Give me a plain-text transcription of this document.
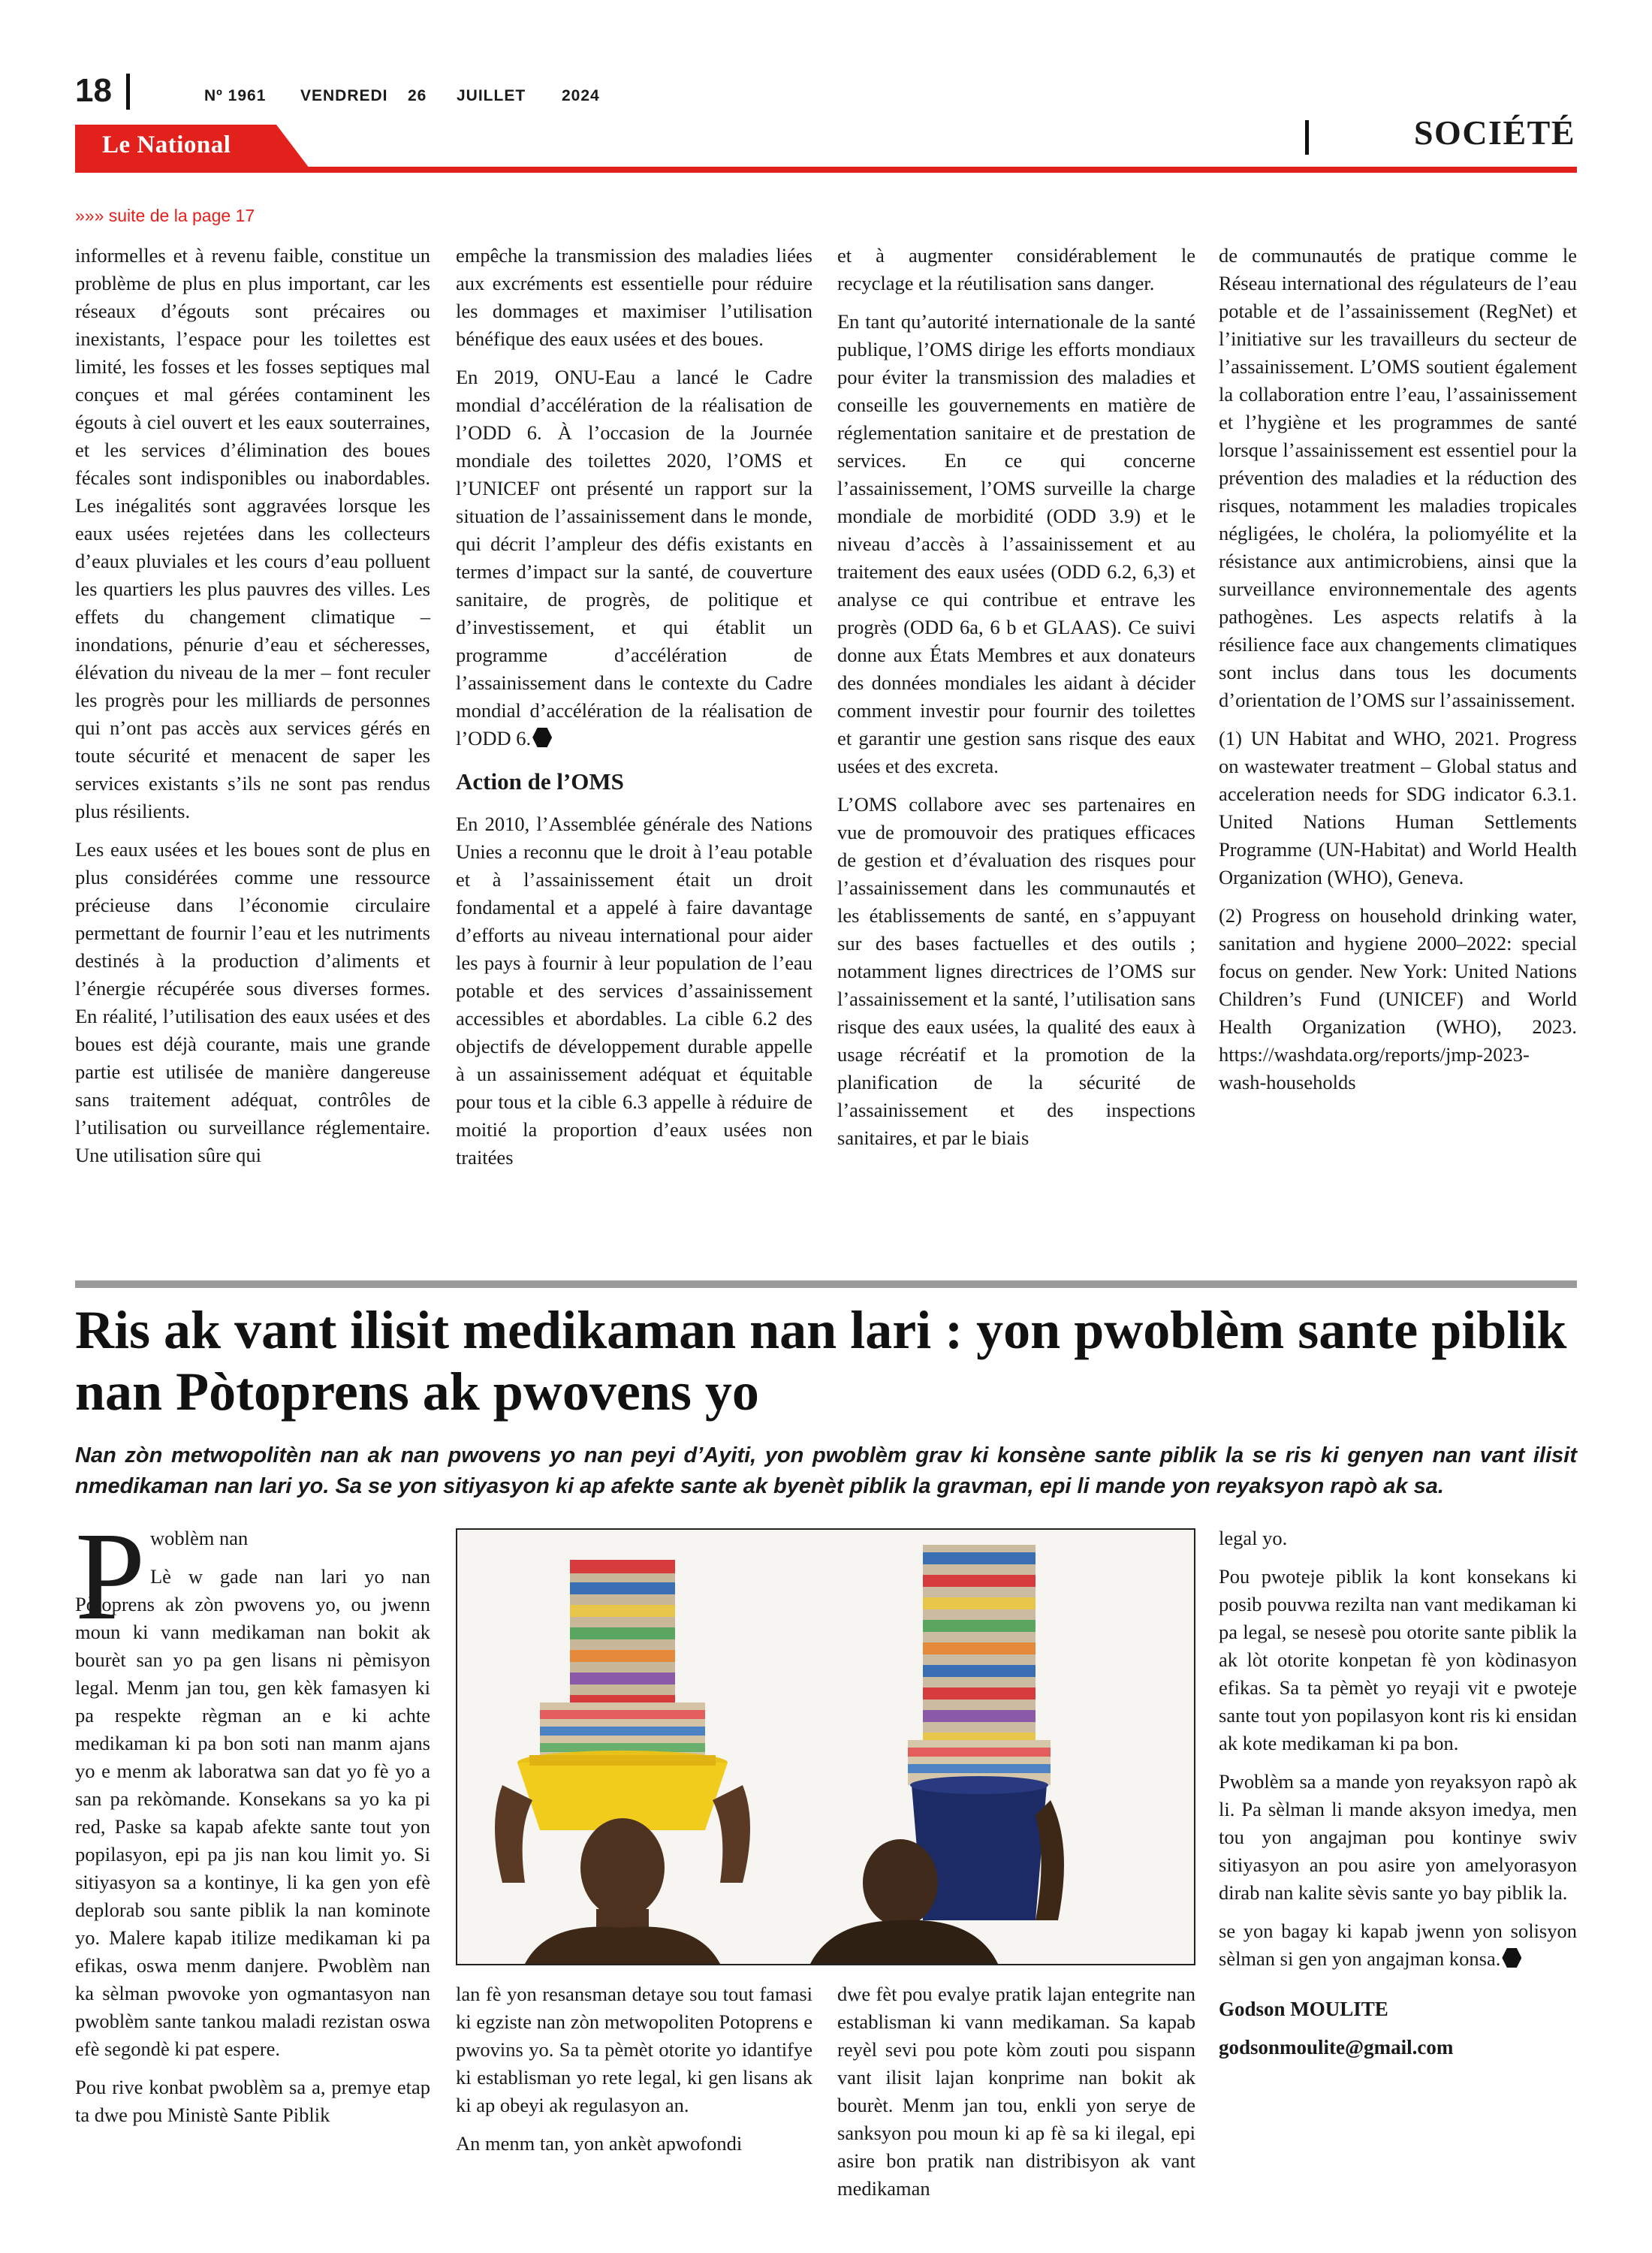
18	Nº 1961 VENDREDI 26 JUILLET 2024
Le National	SOCIÉTÉ
»»» suite de la page 17

informelles et à revenu faible, constitue un problème de plus en plus important, car les réseaux d’égouts sont précaires ou inexistants, l’espace pour les toilettes est limité, les fosses et les fosses septiques mal conçues et mal gérées contaminent les égouts à ciel ouvert et les eaux souterraines, et les services d’élimination des boues fécales sont indisponibles ou inabordables. Les inégalités sont aggravées lorsque les eaux usées rejetées dans les collecteurs d’eaux pluviales et les cours d’eau polluent les quartiers les plus pauvres des villes. Les effets du changement climatique – inondations, pénurie d’eau et sécheresses, élévation du niveau de la mer – font reculer les progrès pour les milliards de personnes qui n’ont pas accès aux services gérés en toute sécurité et menacent de saper les services existants s’ils ne sont pas rendus plus résilients.

Les eaux usées et les boues sont de plus en plus considérées comme une ressource précieuse dans l’économie circulaire permettant de fournir l’eau et les nutriments destinés à la production d’aliments et l’énergie récupérée sous diverses formes. En réalité, l’utilisation des eaux usées et des boues est déjà courante, mais une grande partie est utilisée de manière dangereuse sans traitement adéquat, contrôles de l’utilisation ou surveillance réglementaire. Une utilisation sûre qui

empêche la transmission des maladies liées aux excréments est essentielle pour réduire les dommages et maximiser l’utilisation bénéfique des eaux usées et des boues.

En 2019, ONU-Eau a lancé le Cadre mondial d’accélération de la réalisation de l’ODD 6. À l’occasion de la Journée mondiale des toilettes 2020, l’OMS et l’UNICEF ont présenté un rapport sur la situation de l’assainissement dans le monde, qui décrit l’ampleur des défis existants en termes d’impact sur la santé, de couverture sanitaire, de progrès, de politique et d’investissement, et qui établit un programme d’accélération de l’assainissement dans le contexte du Cadre mondial d’accélération de la réalisation de l’ODD 6.

Action de l’OMS

En 2010, l’Assemblée générale des Nations Unies a reconnu que le droit à l’eau potable et à l’assainissement était un droit fondamental et a appelé à faire davantage d’efforts au niveau international pour aider les pays à fournir à leur population de l’eau potable et des services d’assainissement accessibles et abordables. La cible 6.2 des objectifs de développement durable appelle à un assainissement adéquat et équitable pour tous et la cible 6.3 appelle à réduire de moitié la proportion d’eaux usées non traitées

et à augmenter considérablement le recyclage et la réutilisation sans danger.

En tant qu’autorité internationale de la santé publique, l’OMS dirige les efforts mondiaux pour éviter la transmission des maladies et conseille les gouvernements en matière de réglementation sanitaire et de prestation de services. En ce qui concerne l’assainissement, l’OMS surveille la charge mondiale de morbidité (ODD 3.9) et le niveau d’accès à l’assainissement et au traitement des eaux usées (ODD 6.2, 6,3) et analyse ce qui contribue et entrave les progrès (ODD 6a, 6 b et GLAAS). Ce suivi donne aux États Membres et aux donateurs des données mondiales les aidant à décider comment investir pour fournir des toilettes et garantir une gestion sans risque des eaux usées et des excreta.

L’OMS collabore avec ses partenaires en vue de promouvoir des pratiques efficaces de gestion et d’évaluation des risques pour l’assainissement dans les communautés et les établissements de santé, en s’appuyant sur des bases factuelles et des outils ; notamment lignes directrices de l’OMS sur l’assainissement et la santé, l’utilisation sans risque des eaux usées, la qualité des eaux à usage récréatif et la promotion de la planification de la sécurité de l’assainissement et des inspections sanitaires, et par le biais

de communautés de pratique comme le Réseau international des régulateurs de l’eau potable et de l’assainissement (RegNet) et l’initiative sur les travailleurs du secteur de l’assainissement. L’OMS soutient également la collaboration entre l’eau, l’assainissement et l’hygiène et les programmes de santé lorsque l’assainissement est essentiel pour la prévention des maladies et la réduction des risques, notamment les maladies tropicales négligées, le choléra, la poliomyélite et la résistance aux antimicrobiens, ainsi que la surveillance environnementale des agents pathogènes. Les aspects relatifs à la résilience face aux changements climatiques sont inclus dans tous les documents d’orientation de l’OMS sur l’assainissement.

(1) UN Habitat and WHO, 2021. Progress on wastewater treatment – Global status and acceleration needs for SDG indicator 6.3.1. United Nations Human Settlements Programme (UN-Habitat) and World Health Organization (WHO), Geneva.

(2) Progress on household drinking water, sanitation and hygiene 2000–2022: special focus on gender. New York: United Nations Children’s Fund (UNICEF) and World Health Organization (WHO), 2023. https://washdata.org/reports/jmp-2023-wash-households

Ris ak vant ilisit medikaman nan lari : yon pwoblèm sante piblik nan Pòtoprens ak pwovens yo
Nan zòn metwopolitèn nan ak nan pwovens yo nan peyi d’Ayiti, yon pwoblèm grav ki konsène sante piblik la se ris ki genyen nan vant ilisit nmedikaman nan lari yo. Sa se yon sitiyasyon ki ap afekte sante ak byenèt piblik la gravman, epi li mande yon reyaksyon rapò ak sa.
P woblèm nan

Lè w gade nan lari yo nan Pòtoprens ak zòn pwovens yo, ou jwenn moun ki vann medikaman nan bokit ak bourèt san yo pa gen lisans ni pèmisyon legal. Menm jan tou, gen kèk famasyen ki pa respekte règman an e ki achte medikaman ki pa bon soti nan manm ajans yo e menm ak laboratwa san dat yo fè yo a san pa rekòmande. Konsekans sa yo ka pi red, Paske sa kapab afekte sante tout yon popilasyon, epi pa jis nan kou limit yo. Si sitiyasyon sa a kontinye, li ka gen yon efè deplorab sou sante piblik la nan kominote yo. Malere kapab itilize medikaman ki pa efikas, oswa menm danjere. Pwoblèm nan ka sèlman pwovoke yon ogmantasyon nan pwoblèm sante tankou maladi rezistan oswa efè segondè ki pat espere.

Pou rive konbat pwoblèm sa a, premye etap ta dwe pou Ministè Sante Piblik

lan fè yon resansman detaye sou tout famasi ki egziste nan zòn metwopoliten Potoprens e pwovins yo. Sa ta pèmèt otorite yo idantifye ki establisman yo rete legal, ki gen lisans ak ki ap obeyi ak regulasyon an.

An menm tan, yon ankèt apwofondi

dwe fèt pou evalye pratik lajan entegrite nan establisman ki vann medikaman. Sa kapab reyèl sevi pou pote kòm zouti pou sispann vant ilisit lajan konprime nan bokit ak bourèt. Menm jan tou, enkli yon serye de sanksyon pou moun ki ap fè sa ki ilegal, epi asire bon pratik nan distribisyon ak vant medikaman

legal yo.

Pou pwoteje piblik la kont konsekans ki posib pouvwa rezilta nan vant medikaman ki pa legal, se nesesè pou otorite sante piblik la ak lòt otorite konpetan fè yon kòdinasyon efikas. Sa ta pèmèt yo reyaji vit e pwoteje sante tout yon popilasyon kont ris ki ensidan ak kote medikaman ki pa bon.

Pwoblèm sa a mande yon reyaksyon rapò ak li. Pa sèlman li mande aksyon imedya, men tou yon angajman pou kontinye swiv sitiyasyon an pou asire yon amelyorasyon dirab nan kalite sèvis sante yo bay piblik la.

se yon bagay ki kapab jwenn yon solisyon sèlman si gen yon angajman konsa.

Godson MOULITE

godsonmoulite@gmail.com
